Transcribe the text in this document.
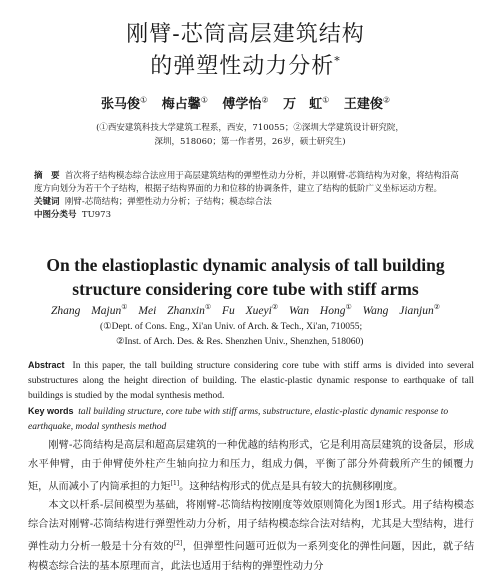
刚臂-芯筒高层建筑结构
的弹塑性动力分析*
张马俊① 梅占馨① 傅学怡② 万　虹① 王建俊②
(①西安建筑科技大学建筑工程系，西安，710055；②深圳大学建筑设计研究院，
深圳，518060；第一作者男，26岁，硕士研究生)
摘　要 首次将子结构模态综合法应用于高层建筑结构的弹塑性动力分析，并以刚臂-芯筒结构为对象，将结构沿高度方向划分为若干个子结构，根据子结构界面的力和位移的协调条件，建立了结构的低阶广义坐标运动方程。
关键词 刚臂-芯筒结构；弹塑性动力分析；子结构；模态综合法
中图分类号 TU973
On the elastioplastic dynamic analysis of tall building
structure considering core tube with stiff arms
Zhang Majun① Mei Zhanxin① Fu Xueyi② Wan Hong① Wang Jianjun②
(①Dept. of Cons. Eng., Xi'an Univ. of Arch. & Tech., Xi'an, 710055;
②Inst. of Arch. Des. & Res. Shenzhen Univ., Shenzhen, 518060)
Abstract In this paper, the tall building structure considering core tube with stiff arms is divided into several substructures along the height direction of building. The elastic-plastic dynamic response to earthquake of tall buildings is studied by the modal synthesis method.
Key words tall building structure, core tube with stiff arms, substructure, elastic-plastic dynamic response to earthquake, modal synthesis method

刚臂-芯筒结构是高层和超高层建筑的一种优越的结构形式，它是利用高层建筑的设备层，形成水平伸臂，由于伸臂使外柱产生轴向拉力和压力，组成力偶，平衡了部分外荷载所产生的倾覆力矩，从而减小了内筒承担的力矩[1]。这种结构形式的优点是具有较大的抗侧移刚度。

本文以杆系-层间模型为基础，将刚臂-芯筒结构按刚度等效原则简化为图1形式。用子结构模态综合法对刚臂-芯筒结构进行弹塑性动力分析，用子结构模态综合法对结构，尤其是大型结构，进行弹性动力分析一般是十分有效的[2]，但弹塑性问题可近似为一系列变化的弹性问题，因此，就子结构模态综合法的基本原理而言，此法也适用于结构的弹塑性动力分
